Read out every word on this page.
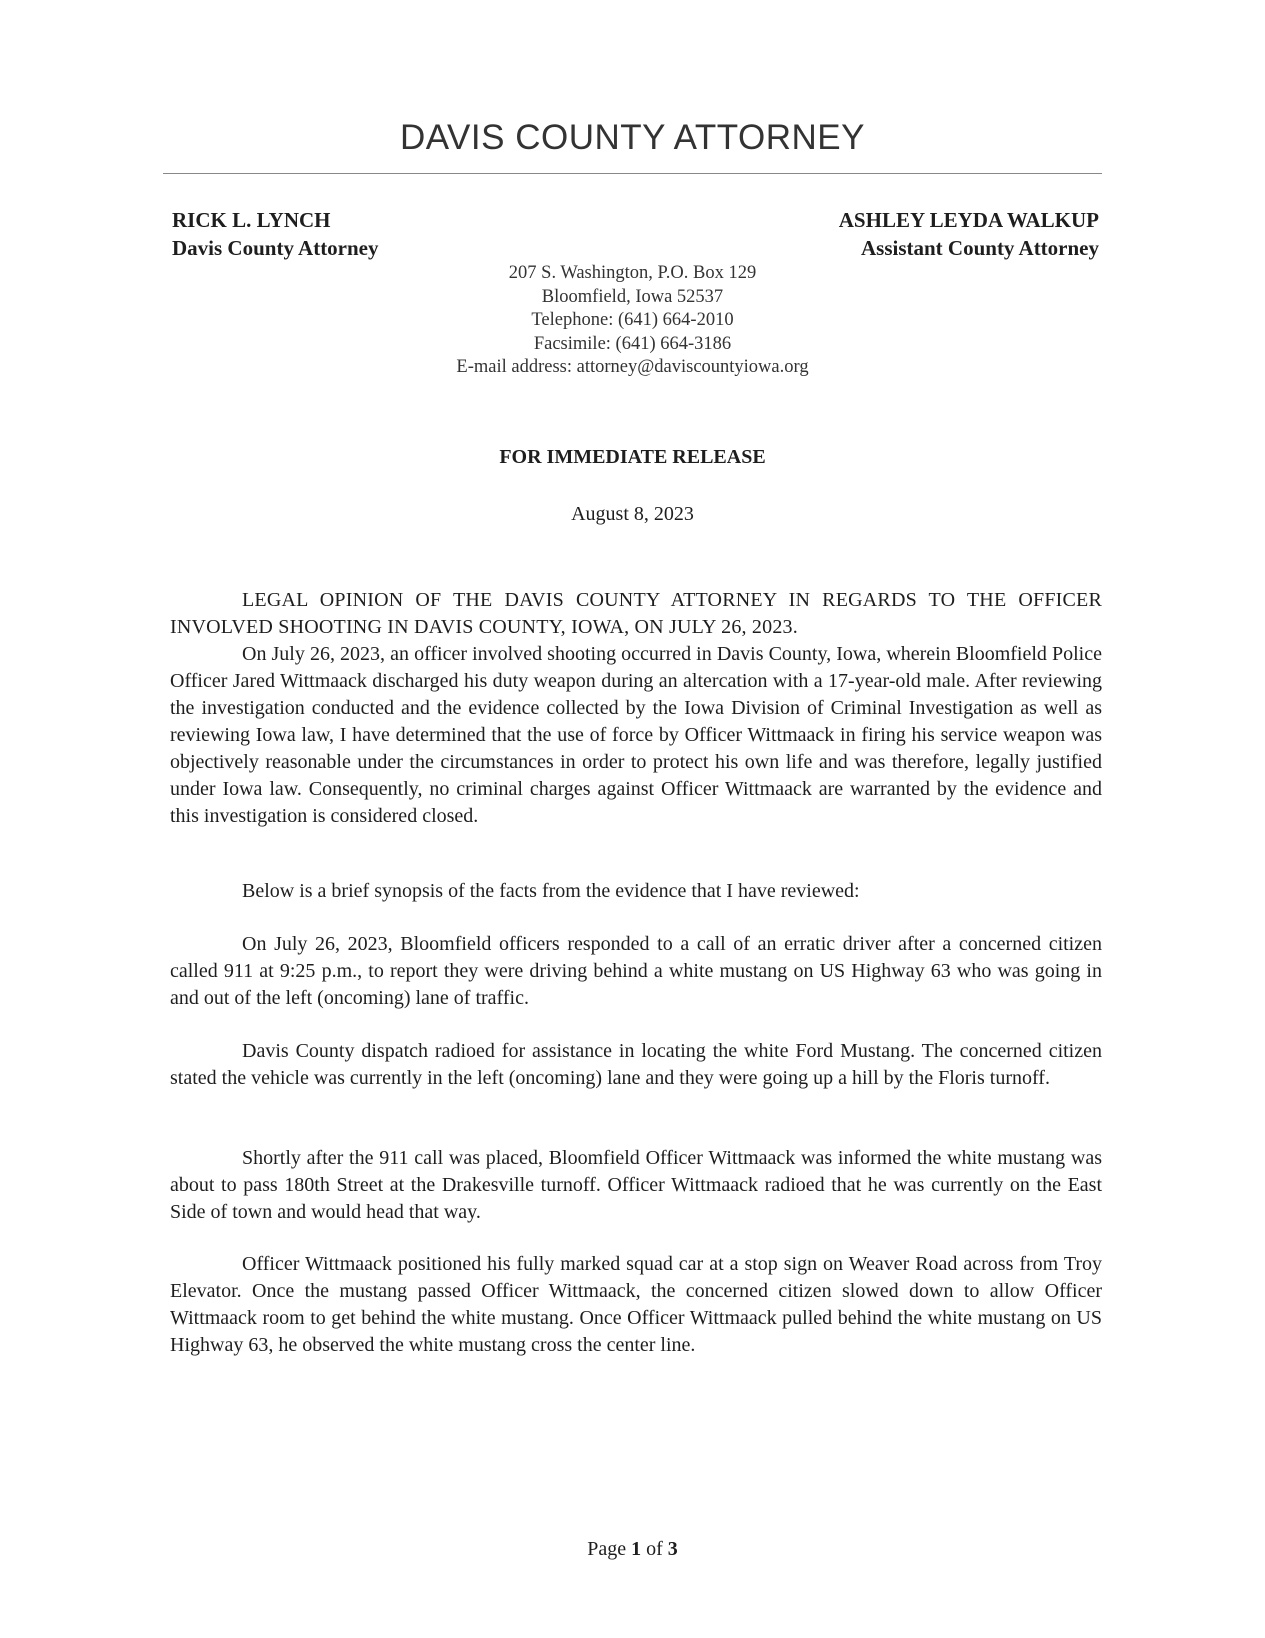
DAVIS COUNTY ATTORNEY
RICK L. LYNCH
Davis County Attorney
ASHLEY LEYDA WALKUP
Assistant County Attorney
207 S. Washington, P.O. Box 129
Bloomfield, Iowa 52537
Telephone: (641) 664-2010
Facsimile: (641) 664-3186
E-mail address: attorney@daviscountyiowa.org
FOR IMMEDIATE RELEASE
August 8, 2023
LEGAL OPINION OF THE DAVIS COUNTY ATTORNEY IN REGARDS TO THE OFFICER INVOLVED SHOOTING IN DAVIS COUNTY, IOWA, ON JULY 26, 2023.
On July 26, 2023, an officer involved shooting occurred in Davis County, Iowa, wherein Bloomfield Police Officer Jared Wittmaack discharged his duty weapon during an altercation with a 17-year-old male. After reviewing the investigation conducted and the evidence collected by the Iowa Division of Criminal Investigation as well as reviewing Iowa law, I have determined that the use of force by Officer Wittmaack in firing his service weapon was objectively reasonable under the circumstances in order to protect his own life and was therefore, legally justified under Iowa law. Consequently, no criminal charges against Officer Wittmaack are warranted by the evidence and this investigation is considered closed.
Below is a brief synopsis of the facts from the evidence that I have reviewed:
On July 26, 2023, Bloomfield officers responded to a call of an erratic driver after a concerned citizen called 911 at 9:25 p.m., to report they were driving behind a white mustang on US Highway 63 who was going in and out of the left (oncoming) lane of traffic.
Davis County dispatch radioed for assistance in locating the white Ford Mustang. The concerned citizen stated the vehicle was currently in the left (oncoming) lane and they were going up a hill by the Floris turnoff.
Shortly after the 911 call was placed, Bloomfield Officer Wittmaack was informed the white mustang was about to pass 180th Street at the Drakesville turnoff. Officer Wittmaack radioed that he was currently on the East Side of town and would head that way.
Officer Wittmaack positioned his fully marked squad car at a stop sign on Weaver Road across from Troy Elevator. Once the mustang passed Officer Wittmaack, the concerned citizen slowed down to allow Officer Wittmaack room to get behind the white mustang. Once Officer Wittmaack pulled behind the white mustang on US Highway 63, he observed the white mustang cross the center line.
Page 1 of 3
